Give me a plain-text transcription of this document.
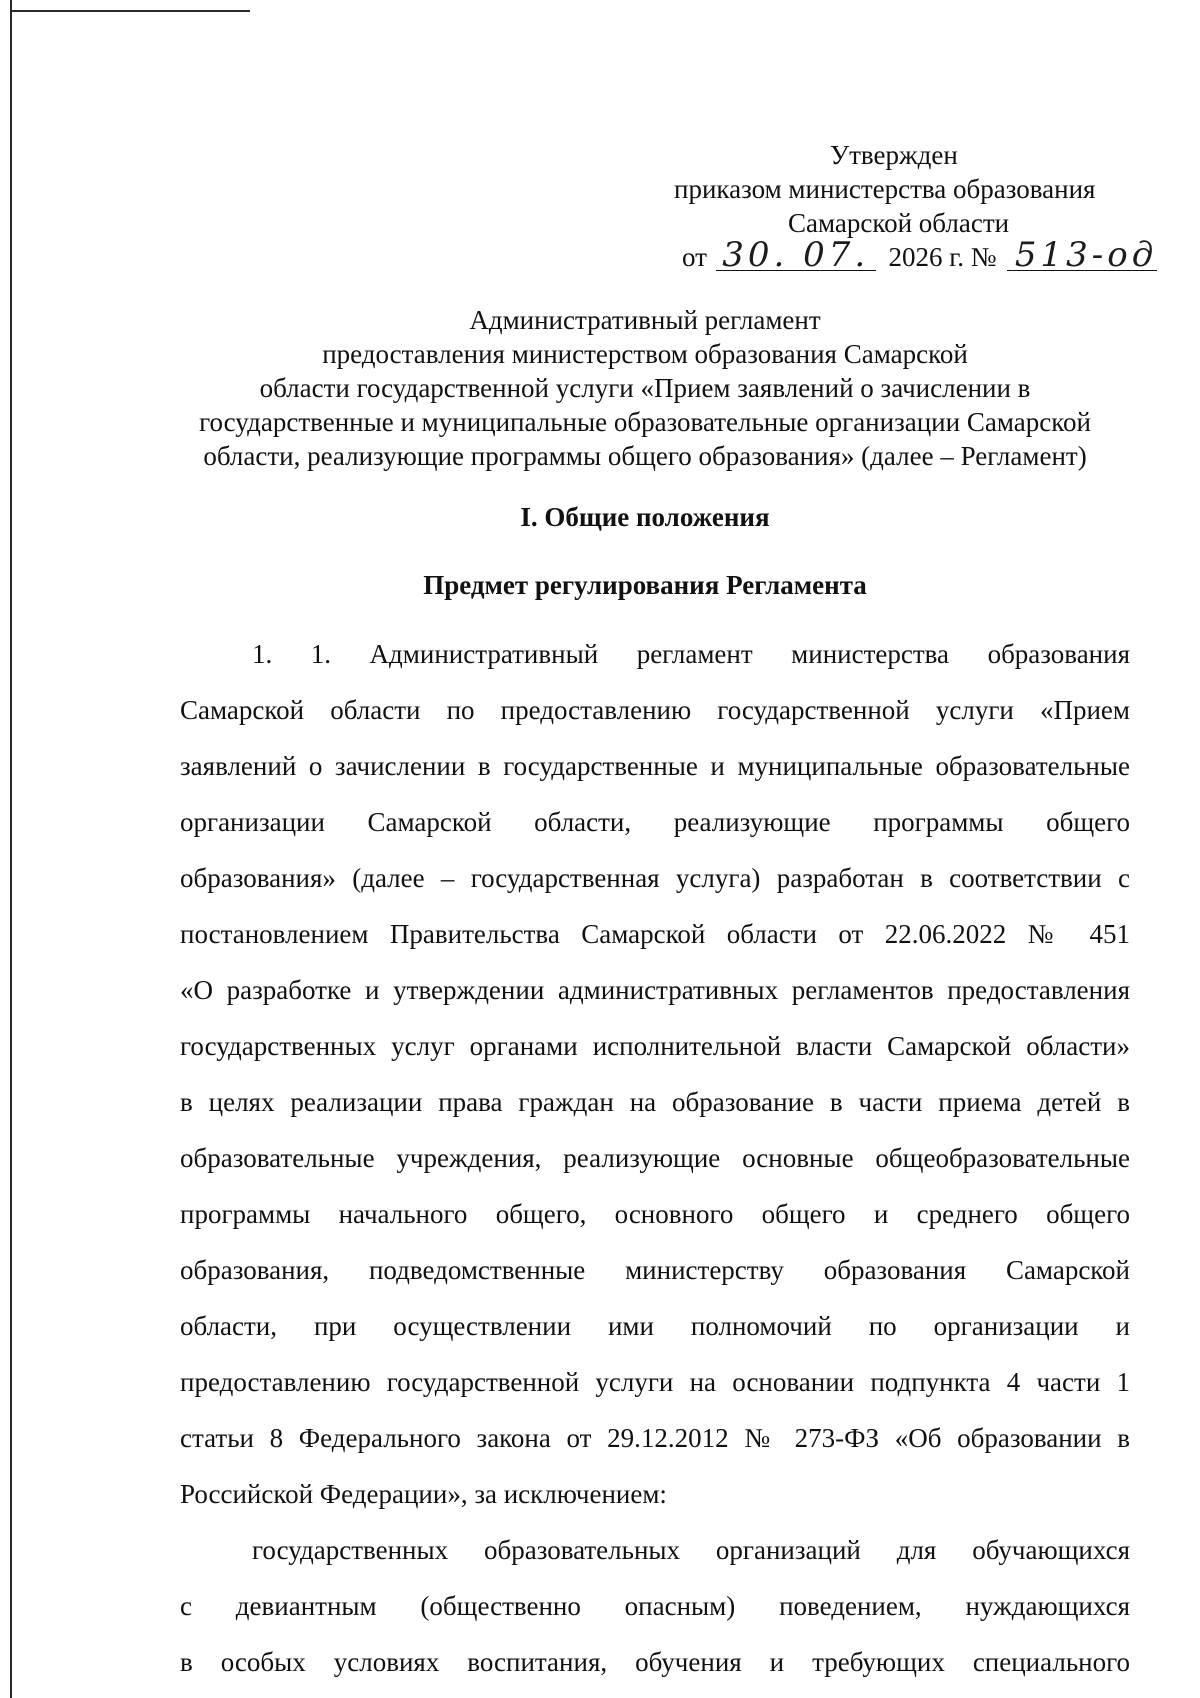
Утвержден
приказом министерства образования
Самарской области
от 30. 07. 2026 г. № 513-од
Административный регламент
предоставления министерством образования Самарской
области государственной услуги «Прием заявлений о зачислении в
государственные и муниципальные образовательные организации Самарской
области, реализующие программы общего образования» (далее – Регламент)
I. Общие положения
Предмет регулирования Регламента
1. 1. Административный регламент министерства образования
Самарской области по предоставлению государственной услуги «Прием
заявлений о зачислении в государственные и муниципальные образовательные
организации Самарской области, реализующие программы общего
образования» (далее – государственная услуга) разработан в соответствии с
постановлением Правительства Самарской области от 22.06.2022 № 451
«О разработке и утверждении административных регламентов предоставления
государственных услуг органами исполнительной власти Самарской области»
в целях реализации права граждан на образование в части приема детей в
образовательные учреждения, реализующие основные общеобразовательные
программы начального общего, основного общего и среднего общего
образования, подведомственные министерству образования Самарской
области, при осуществлении ими полномочий по организации и
предоставлению государственной услуги на основании подпункта 4 части 1
статьи 8 Федерального закона от 29.12.2012 № 273-ФЗ «Об образовании в
Российской Федерации», за исключением:
государственных образовательных организаций для обучающихся
с девиантным (общественно опасным) поведением, нуждающихся
в особых условиях воспитания, обучения и требующих специального
